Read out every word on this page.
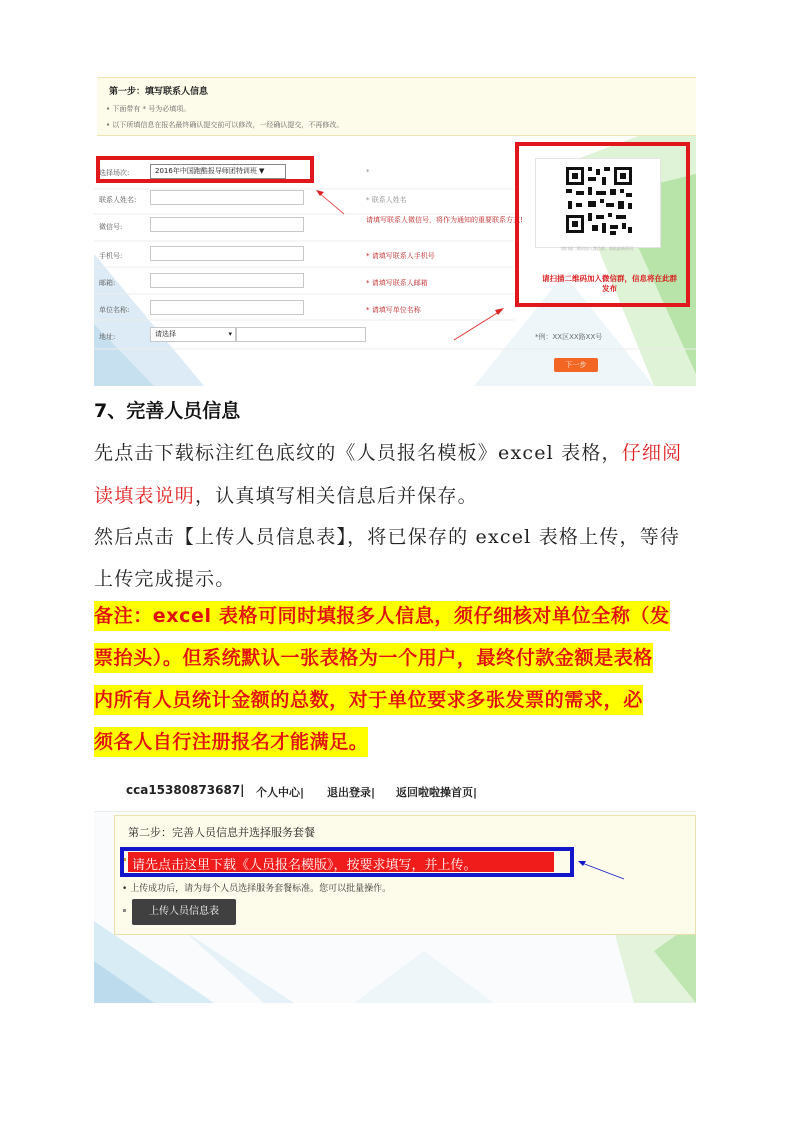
第一步：填写联系人信息
• 下面带有 * 号为必填项。
• 以下所填信息在报名最终确认提交前可以修改，一经确认提交，不再修改。
选择场次:	2016年中国跑酷报导师团特训班 ▼	*
联系人姓名:	* 联系人姓名
微信号:
请填写联系人微信号，将作为通知的重要联系方式!
手机号:	* 请填写联系人手机号
邮箱:	* 请填写联系人邮箱
单位名称:	* 请填写单位名称
地址:	请选择	▾	*例：XX区XX路XX号
请扫描二维码加入微信群，获取最新资讯
请扫描二维码加入微信群，信息将在此群发布
下一步
7、完善人员信息
先点击下载标注红色底纹的《人员报名模板》excel 表格，仔细阅
读填表说明，认真填写相关信息后并保存。
然后点击【上传人员信息表】，将已保存的 excel 表格上传，等待
上传完成提示。
备注：excel 表格可同时填报多人信息，须仔细核对单位全称（发
票抬头）。但系统默认一张表格为一个用户，最终付款金额是表格
内所有人员统计金额的总数，对于单位要求多张发票的需求，必
须各人自行注册报名才能满足。
cca15380873687| 个人中心| 退出登录| 返回啦啦操首页|
第二步：完善人员信息并选择服务套餐
请先点击这里下载《人员报名模版》，按要求填写，并上传。
• 上传成功后，请为每个人员选择服务套餐标准。您可以批量操作。
上传人员信息表
